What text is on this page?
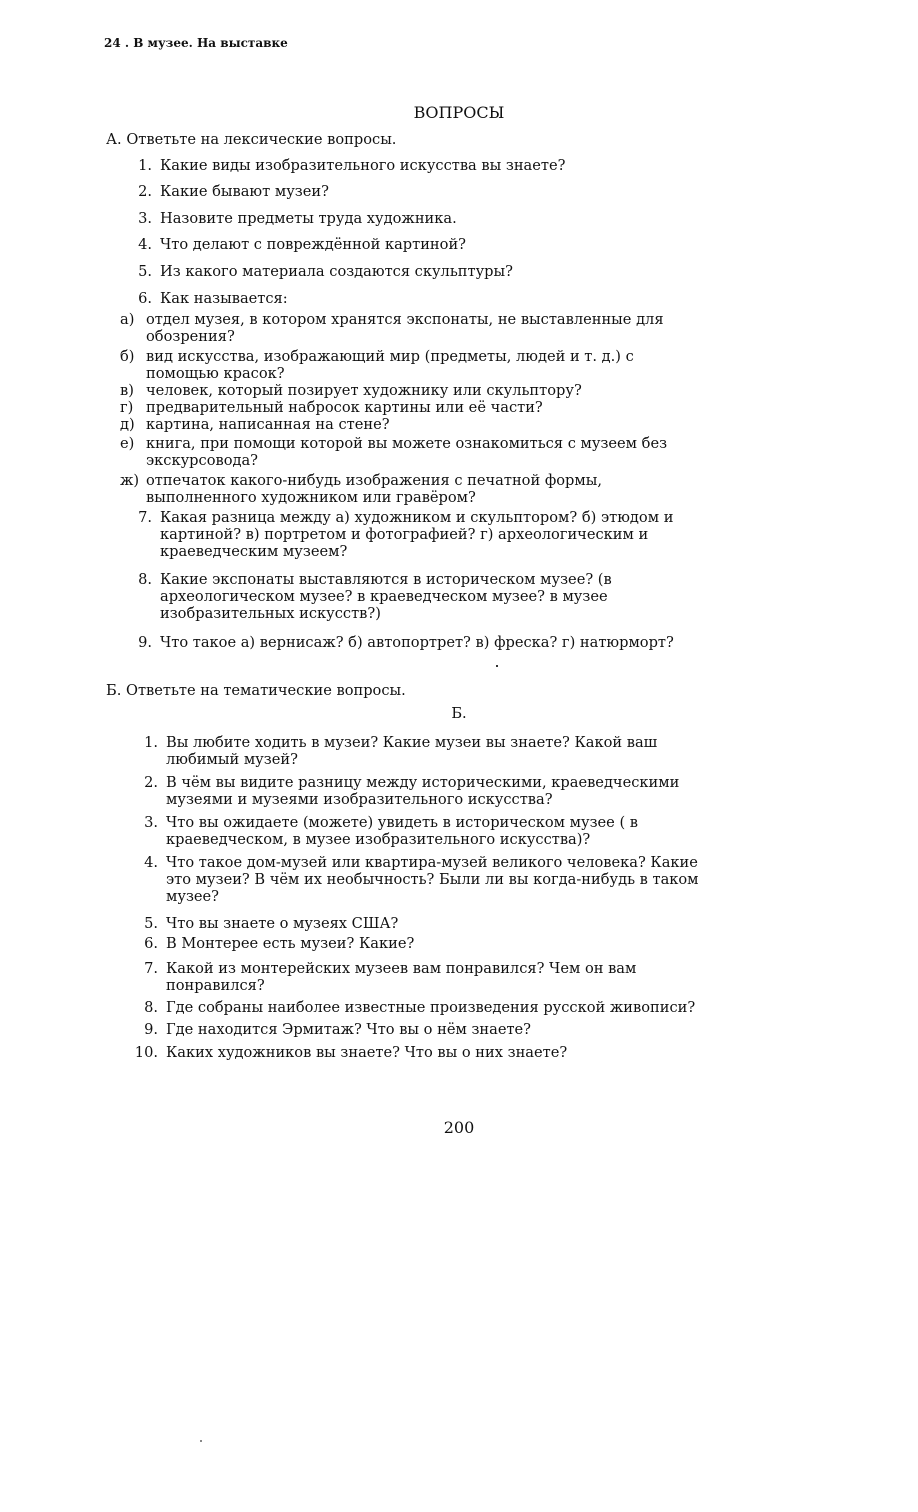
24 . В музее. На выставке
ВОПРОСЫ
А. Ответьте на лексические вопросы.
1. Какие виды изобразительного искусства вы знаете?
2. Какие бывают музеи?
3. Назовите предметы труда художника.
4. Что делают с повреждённой картиной?
5. Из какого материала создаются скульптуры?
6. Как называется:
а) отдел музея, в котором хранятся экспонаты, не выставленные для
обозрения?
б) вид искусства, изображающий мир (предметы, людей и т. д.) с
помощью красок?
в) человек, который позирует художнику или скульптору?
г) предварительный набросок картины или её части?
д) картина, написанная на стене?
е) книга, при помощи которой вы можете ознакомиться с музеем без
экскурсовода?
ж) отпечаток какого-нибудь изображения с печатной формы,
выполненного художником или гравёром?
7. Какая разница между а) художником и скульптором? б) этюдом и
картиной? в) портретом и фотографией? г) археологическим и
краеведческим музеем?
8. Какие экспонаты выставляются в историческом музее? (в
археологическом музее? в краеведческом музее? в музее
изобразительных искусств?)
9. Что такое а) вернисаж? б) автопортрет? в) фреска? г) натюрморт?
Б. Ответьте на тематические вопросы.
Б.
1. Вы любите ходить в музеи? Какие музеи вы знаете? Какой ваш
любимый музей?
2. В чём вы видите разницу между историческими, краеведческими
музеями и музеями изобразительного искусства?
3. Что вы ожидаете (можете) увидеть в историческом музее ( в
краеведческом, в музее изобразительного искусства)?
4. Что такое дом-музей или квартира-музей великого человека? Какие
это музеи? В чём их необычность? Были ли вы когда-нибудь в таком
музее?
5. Что вы знаете о музеях США?
6. В Монтерее есть музеи? Какие?
7. Какой из монтерейских музеев вам понравился? Чем он вам
понравился?
8. Где собраны наиболее известные произведения русской живописи?
9. Где находится Эрмитаж? Что вы о нём знаете?
10. Каких художников вы знаете? Что вы о них знаете?
200
